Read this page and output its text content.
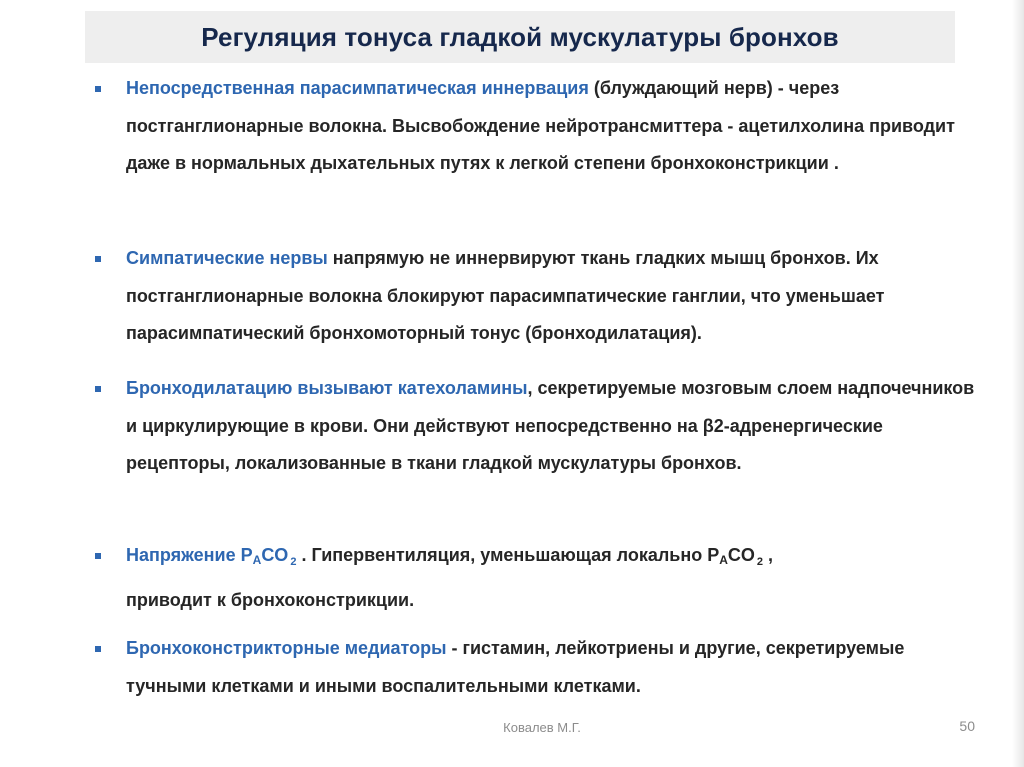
Регуляция тонуса гладкой мускулатуры бронхов

Непосредственная парасимпатическая иннервация (блуждающий нерв) - через постганглионарные волокна. Высвобождение нейротрансмиттера - ацетилхолина приводит даже в нормальных дыхательных путях к легкой степени бронхоконстрикции .

Симпатические нервы напрямую не иннервируют ткань гладких мышц бронхов. Их постганглионарные волокна блокируют парасимпатические ганглии, что уменьшает парасимпатический бронхомоторный тонус (бронходилатация).

Бронходилатацию вызывают катехоламины, секретируемые мозговым слоем надпочечников и циркулирующие в крови. Они действуют непосредственно на β2-адренергические рецепторы, локализованные в ткани гладкой мускулатуры бронхов.

Напряжение $P_ACO$ $_2$ . Гипервентиляция, уменьшающая локально $P_ACO$ $_2$ ,
приводит к бронхоконстрикции.

Бронхоконстрикторные медиаторы - гистамин, лейкотриены и другие, секретируемые тучными клетками и иными воспалительными клетками.

Ковалев М.Г.	50
